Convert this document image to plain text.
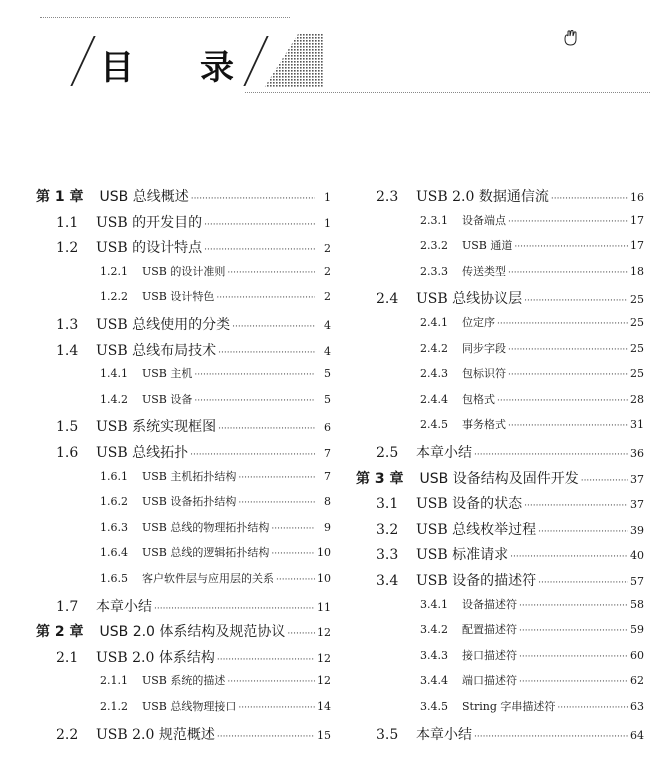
目 录
第 1 章 USB 总线概述 ·····	1
1.1	USB 的开发目的 ·····	1
1.2	USB 的设计特点 ·····	2
1.2.1	USB 的设计准则 ·····	2
1.2.2	USB 设计特色 ·····	2
1.3	USB 总线使用的分类 ·····	4
1.4	USB 总线布局技术 ·····	4
1.4.1	USB 主机 ·····	5
1.4.2	USB 设备 ·····	5
1.5	USB 系统实现框图 ·····	6
1.6	USB 总线拓扑 ·····	7
1.6.1	USB 主机拓扑结构 ·····	7
1.6.2	USB 设备拓扑结构 ·····	8
1.6.3	USB 总线的物理拓扑结构 ·····	9
1.6.4	USB 总线的逻辑拓扑结构 ·····	10
1.6.5	客户软件层与应用层的关系 ·····	10
1.7	本章小结 ·····	11
第 2 章 USB 2.0 体系结构及规范协议 ·····	12
2.1	USB 2.0 体系结构 ·····	12
2.1.1	USB 系统的描述 ·····	12
2.1.2	USB 总线物理接口 ·····	14
2.2	USB 2.0 规范概述 ·····	15
2.3	USB 2.0 数据通信流 ·····	16
2.3.1	设备端点 ·····	17
2.3.2	USB 通道 ·····	17
2.3.3	传送类型 ·····	18
2.4	USB 总线协议层 ·····	25
2.4.1	位定序 ·····	25
2.4.2	同步字段 ·····	25
2.4.3	包标识符 ·····	25
2.4.4	包格式 ·····	28
2.4.5	事务格式 ·····	31
2.5	本章小结 ·····	36
第 3 章 USB 设备结构及固件开发 ·····	37
3.1	USB 设备的状态 ·····	37
3.2	USB 总线枚举过程 ·····	39
3.3	USB 标准请求 ·····	40
3.4	USB 设备的描述符 ·····	57
3.4.1	设备描述符 ·····	58
3.4.2	配置描述符 ·····	59
3.4.3	接口描述符 ·····	60
3.4.4	端口描述符 ·····	62
3.4.5	String 字串描述符 ·····	63
3.5	本章小结 ·····	64
